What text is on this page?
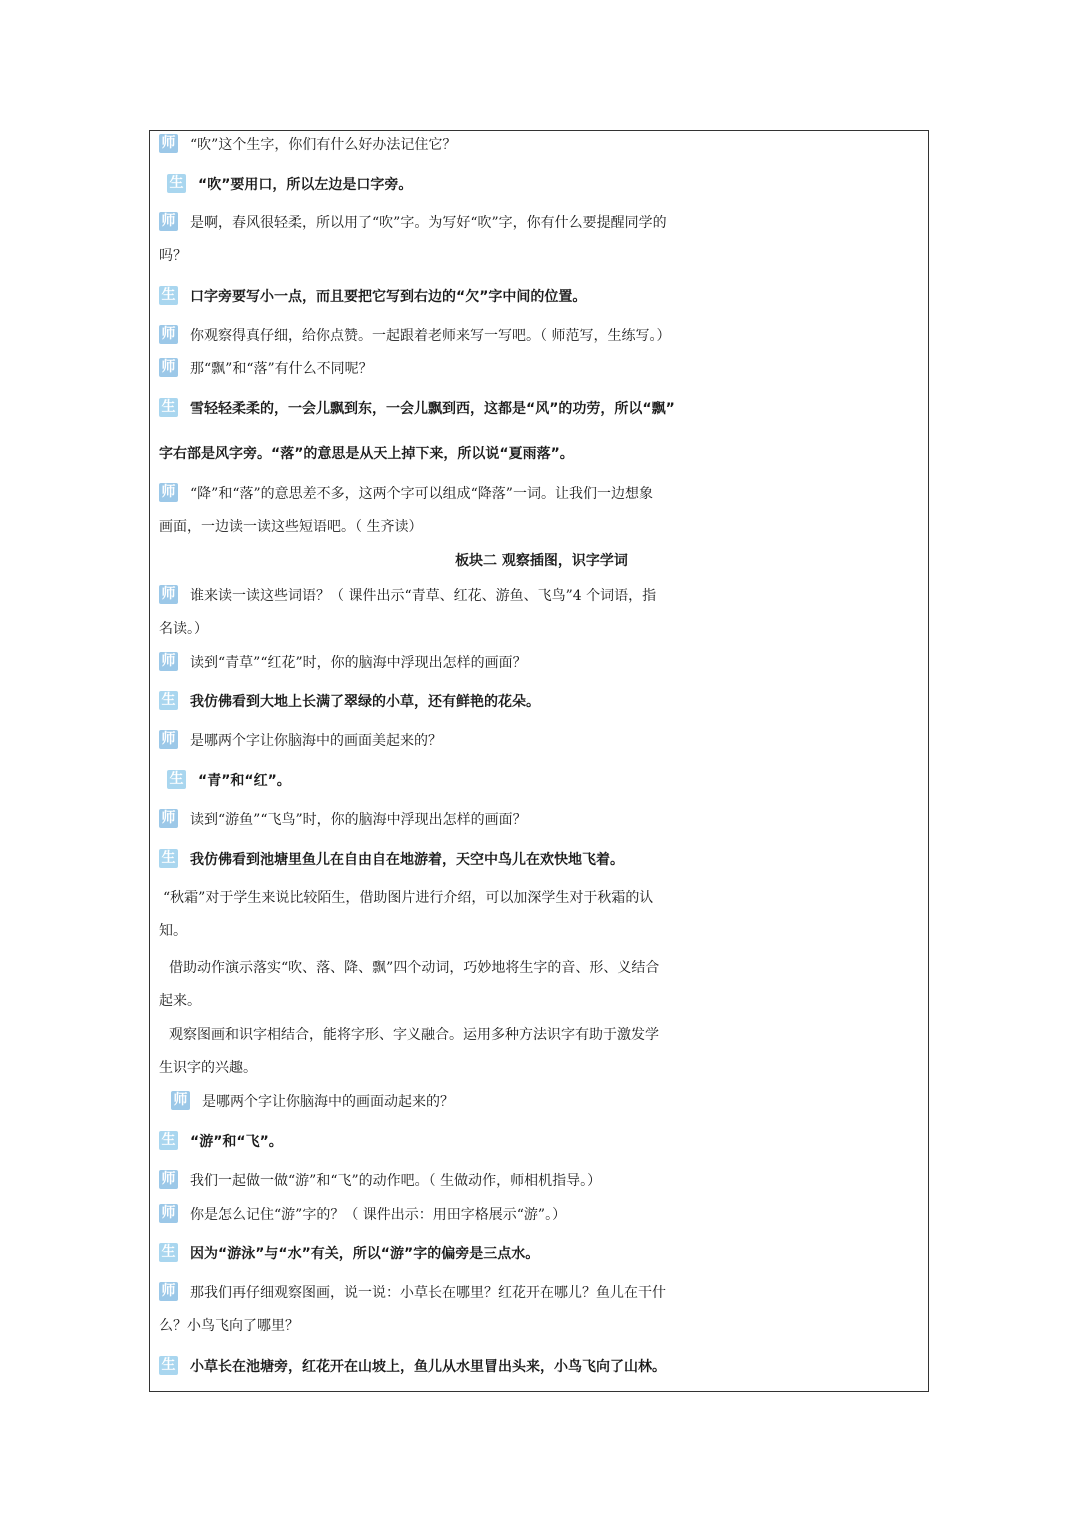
师 “吹”这个生字，你们有什么好办法记住它？
生 “吹”要用口，所以左边是口字旁。
师 是啊，春风很轻柔，所以用了“吹”字。为写好“吹”字，你有什么要提醒同学的
吗？
生 口字旁要写小一点，而且要把它写到右边的“欠”字中间的位置。
师 你观察得真仔细，给你点赞。一起跟着老师来写一写吧。（ 师范写，生练写。）
师 那“飘”和“落”有什么不同呢？
生 雪轻轻柔柔的，一会儿飘到东，一会儿飘到西，这都是“风”的功劳，所以“飘”
字右部是风字旁。“落”的意思是从天上掉下来，所以说“夏雨落”。
师 “降”和“落”的意思差不多，这两个字可以组成“降落”一词。让我们一边想象
画面，一边读一读这些短语吧。（ 生齐读）
板块二 观察插图，识字学词
师 谁来读一读这些词语？（ 课件出示“青草、红花、游鱼、飞鸟”4 个词语，指
名读。）
师 读到“青草”“红花”时，你的脑海中浮现出怎样的画面？
生 我仿佛看到大地上长满了翠绿的小草，还有鲜艳的花朵。
师 是哪两个字让你脑海中的画面美起来的？
生 “青”和“红”。
师 读到“游鱼”“飞鸟”时，你的脑海中浮现出怎样的画面？
生 我仿佛看到池塘里鱼儿在自由自在地游着，天空中鸟儿在欢快地飞着。
“秋霜”对于学生来说比较陌生，借助图片进行介绍，可以加深学生对于秋霜的认
知。
借助动作演示落实“吹、落、降、飘”四个动词，巧妙地将生字的音、形、义结合
起来。
观察图画和识字相结合，能将字形、字义融合。运用多种方法识字有助于激发学
生识字的兴趣。
师 是哪两个字让你脑海中的画面动起来的？
生 “游”和“飞”。
师 我们一起做一做“游”和“飞”的动作吧。（ 生做动作，师相机指导。）
师 你是怎么记住“游”字的？（ 课件出示：用田字格展示“游”。）
生 因为“游泳”与“水”有关，所以“游”字的偏旁是三点水。
师 那我们再仔细观察图画，说一说：小草长在哪里？红花开在哪儿？鱼儿在干什
么？小鸟飞向了哪里？
生 小草长在池塘旁，红花开在山坡上，鱼儿从水里冒出头来，小鸟飞向了山林。
